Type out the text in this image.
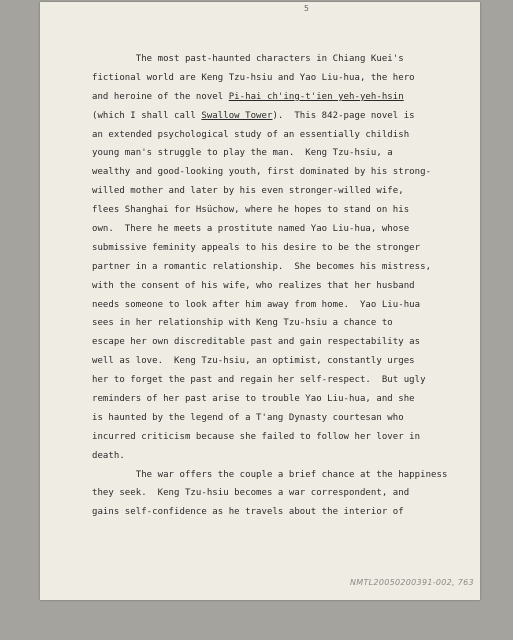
5
The most past-haunted characters in Chiang Kuei's
fictional world are Keng Tzu-hsiu and Yao Liu-hua, the hero
and heroine of the novel Pi-hai ch'ing-t'ien yeh-yeh-hsin
(which I shall call Swallow Tower).  This 842-page novel is
an extended psychological study of an essentially childish
young man's struggle to play the man.  Keng Tzu-hsiu, a
wealthy and good-looking youth, first dominated by his strong-
willed mother and later by his even stronger-willed wife,
flees Shanghai for Hsüchow, where he hopes to stand on his
own.  There he meets a prostitute named Yao Liu-hua, whose
submissive feminity appeals to his desire to be the stronger
partner in a romantic relationship.  She becomes his mistress,
with the consent of his wife, who realizes that her husband
needs someone to look after him away from home.  Yao Liu-hua
sees in her relationship with Keng Tzu-hsiu a chance to
escape her own discreditable past and gain respectability as
well as love.  Keng Tzu-hsiu, an optimist, constantly urges
her to forget the past and regain her self-respect.  But ugly
reminders of her past arise to trouble Yao Liu-hua, and she
is haunted by the legend of a T'ang Dynasty courtesan who
incurred criticism because she failed to follow her lover in
death.
The war offers the couple a brief chance at the happiness
they seek.  Keng Tzu-hsiu becomes a war correspondent, and
gains self-confidence as he travels about the interior of
NMTL20050200391-002, 763
